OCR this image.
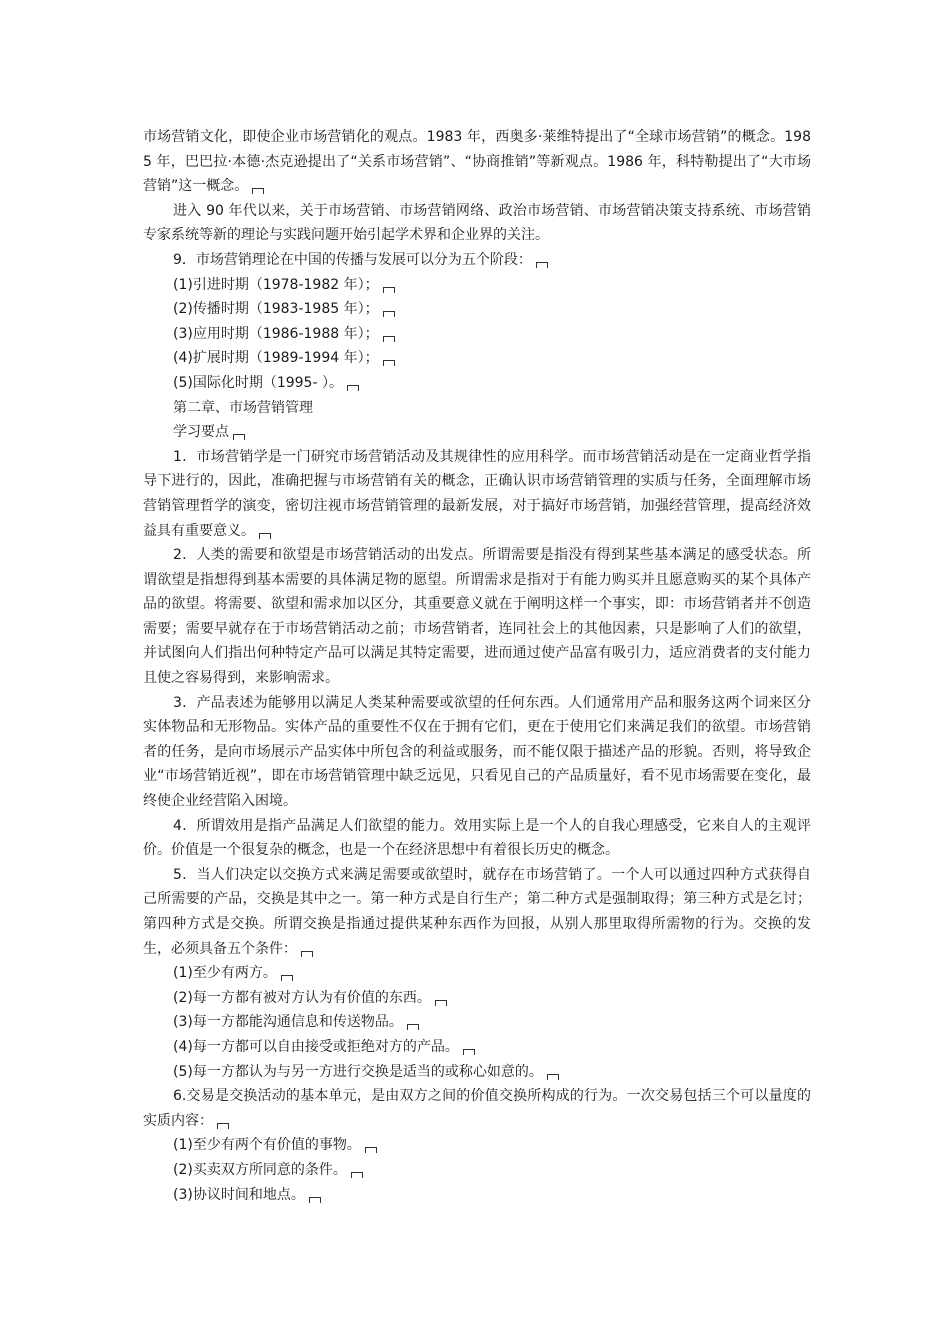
市场营销文化，即使企业市场营销化的观点。1983 年，西奥多·莱维特提出了“全球市场营销”的概念。1985 年，巴巴拉·本德·杰克逊提出了“关系市场营销”、“协商推销”等新观点。1986 年，科特勒提出了“大市场营销”这一概念。

进入 90 年代以来，关于市场营销、市场营销网络、政治市场营销、市场营销决策支持系统、市场营销专家系统等新的理论与实践问题开始引起学术界和企业界的关注。

9．市场营销理论在中国的传播与发展可以分为五个阶段：

(1)引进时期（1978-1982 年）；

(2)传播时期（1983-1985 年）；

(3)应用时期（1986-1988 年）；

(4)扩展时期（1989-1994 年）；

(5)国际化时期（1995- ）。

第二章、市场营销管理

学习要点

1．市场营销学是一门研究市场营销活动及其规律性的应用科学。而市场营销活动是在一定商业哲学指导下进行的，因此，准确把握与市场营销有关的概念，正确认识市场营销管理的实质与任务，全面理解市场营销管理哲学的演变，密切注视市场营销管理的最新发展，对于搞好市场营销，加强经营管理，提高经济效益具有重要意义。

2．人类的需要和欲望是市场营销活动的出发点。所谓需要是指没有得到某些基本满足的感受状态。所谓欲望是指想得到基本需要的具体满足物的愿望。所谓需求是指对于有能力购买并且愿意购买的某个具体产品的欲望。将需要、欲望和需求加以区分，其重要意义就在于阐明这样一个事实，即：市场营销者并不创造需要；需要早就存在于市场营销活动之前；市场营销者，连同社会上的其他因素，只是影响了人们的欲望，并试图向人们指出何种特定产品可以满足其特定需要，进而通过使产品富有吸引力，适应消费者的支付能力且使之容易得到，来影响需求。

3．产品表述为能够用以满足人类某种需要或欲望的任何东西。人们通常用产品和服务这两个词来区分实体物品和无形物品。实体产品的重要性不仅在于拥有它们，更在于使用它们来满足我们的欲望。市场营销者的任务，是向市场展示产品实体中所包含的利益或服务，而不能仅限于描述产品的形貌。否则，将导致企业“市场营销近视”，即在市场营销管理中缺乏远见，只看见自己的产品质量好，看不见市场需要在变化，最终使企业经营陷入困境。

4．所谓效用是指产品满足人们欲望的能力。效用实际上是一个人的自我心理感受，它来自人的主观评价。价值是一个很复杂的概念，也是一个在经济思想中有着很长历史的概念。

5．当人们决定以交换方式来满足需要或欲望时，就存在市场营销了。一个人可以通过四种方式获得自己所需要的产品，交换是其中之一。第一种方式是自行生产；第二种方式是强制取得；第三种方式是乞讨；第四种方式是交换。所谓交换是指通过提供某种东西作为回报，从别人那里取得所需物的行为。交换的发生，必须具备五个条件：

(1)至少有两方。

(2)每一方都有被对方认为有价值的东西。

(3)每一方都能沟通信息和传送物品。

(4)每一方都可以自由接受或拒绝对方的产品。

(5)每一方都认为与另一方进行交换是适当的或称心如意的。

6.交易是交换活动的基本单元，是由双方之间的价值交换所构成的行为。一次交易包括三个可以量度的实质内容：

(1)至少有两个有价值的事物。

(2)买卖双方所同意的条件。

(3)协议时间和地点。
